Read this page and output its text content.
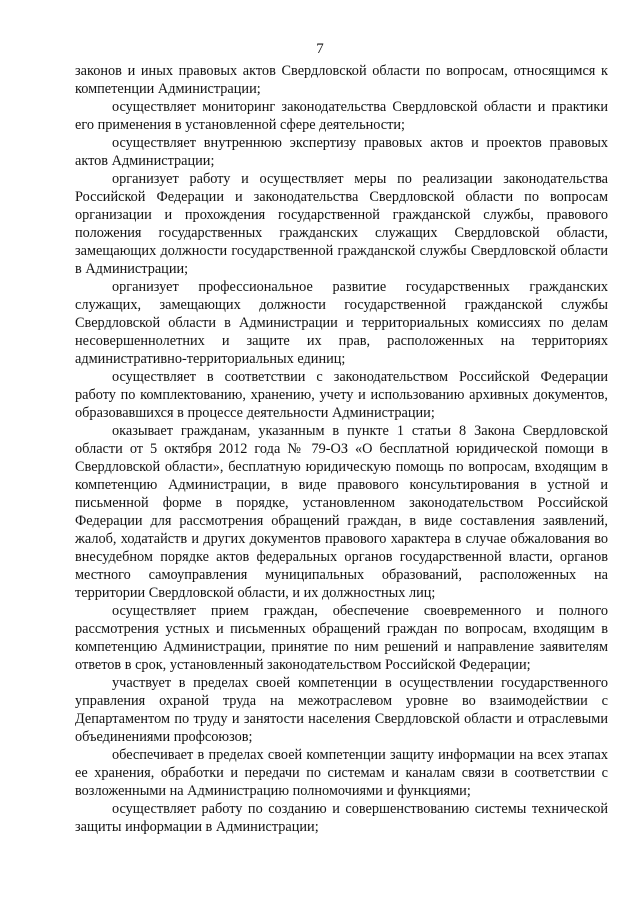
7

законов и иных правовых актов Свердловской области по вопросам, относящимся к компетенции Администрации;

осуществляет мониторинг законодательства Свердловской области и практики его применения в установленной сфере деятельности;

осуществляет внутреннюю экспертизу правовых актов и проектов правовых актов Администрации;

организует работу и осуществляет меры по реализации законодательства Российской Федерации и законодательства Свердловской области по вопросам организации и прохождения государственной гражданской службы, правового положения государственных гражданских служащих Свердловской области, замещающих должности государственной гражданской службы Свердловской области в Администрации;

организует профессиональное развитие государственных гражданских служащих, замещающих должности государственной гражданской службы Свердловской области в Администрации и территориальных комиссиях по делам несовершеннолетних и защите их прав, расположенных на территориях административно-территориальных единиц;

осуществляет в соответствии с законодательством Российской Федерации работу по комплектованию, хранению, учету и использованию архивных документов, образовавшихся в процессе деятельности Администрации;

оказывает гражданам, указанным в пункте 1 статьи 8 Закона Свердловской области от 5 октября 2012 года № 79-ОЗ «О бесплатной юридической помощи в Свердловской области», бесплатную юридическую помощь по вопросам, входящим в компетенцию Администрации, в виде правового консультирования в устной и письменной форме в порядке, установленном законодательством Российской Федерации для рассмотрения обращений граждан, в виде составления заявлений, жалоб, ходатайств и других документов правового характера в случае обжалования во внесудебном порядке актов федеральных органов государственной власти, органов местного самоуправления муниципальных образований, расположенных на территории Свердловской области, и их должностных лиц;

осуществляет прием граждан, обеспечение своевременного и полного рассмотрения устных и письменных обращений граждан по вопросам, входящим в компетенцию Администрации, принятие по ним решений и направление заявителям ответов в срок, установленный законодательством Российской Федерации;

участвует в пределах своей компетенции в осуществлении государственного управления охраной труда на межотраслевом уровне во взаимодействии с Департаментом по труду и занятости населения Свердловской области и отраслевыми объединениями профсоюзов;

обеспечивает в пределах своей компетенции защиту информации на всех этапах ее хранения, обработки и передачи по системам и каналам связи в соответствии с возложенными на Администрацию полномочиями и функциями;

осуществляет работу по созданию и совершенствованию системы технической защиты информации в Администрации;
